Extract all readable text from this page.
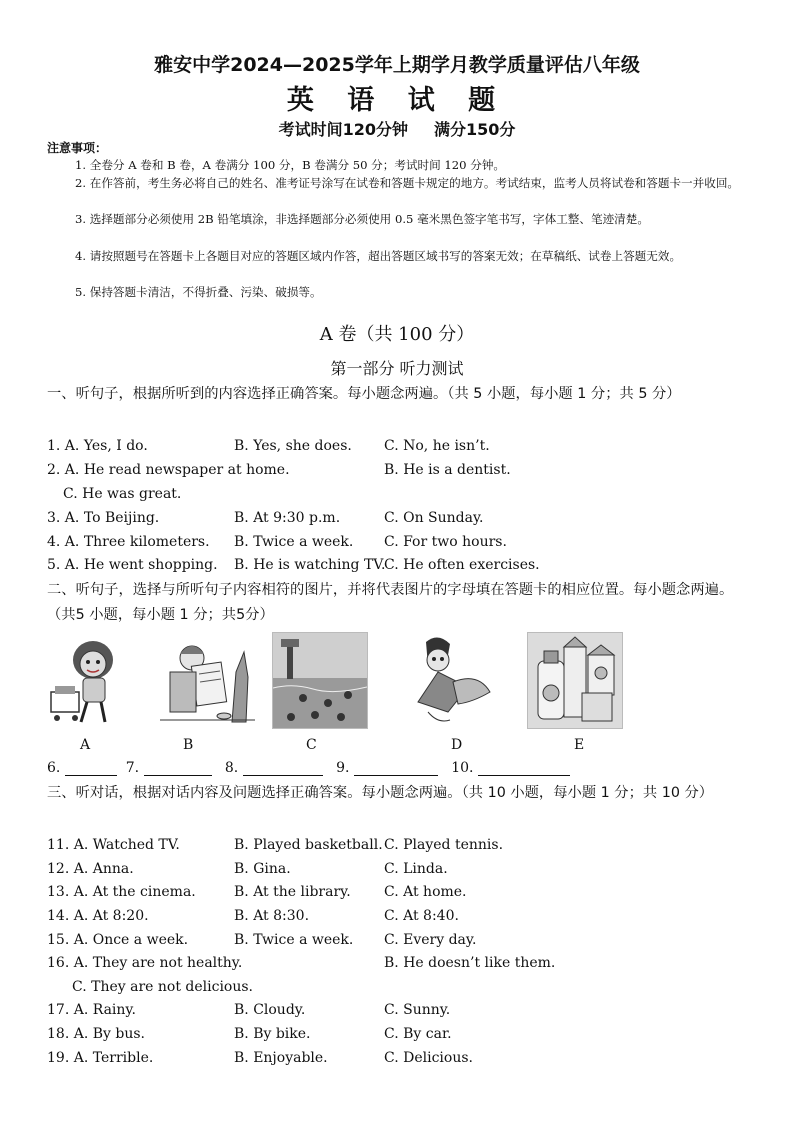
雅安中学2024—2025学年上期学月教学质量评估八年级
英 语 试 题
考试时间120分钟 满分150分
注意事项：
1. 全卷分 A 卷和 B 卷，A 卷满分 100 分，B 卷满分 50 分；考试时间 120 分钟。
2. 在作答前，考生务必将自己的姓名、准考证号涂写在试卷和答题卡规定的地方。考试结束，监考人员将试卷和答题卡一并收回。
3. 选择题部分必须使用 2B 铅笔填涂，非选择题部分必须使用 0.5 毫米黑色签字笔书写，字体工整、笔迹清楚。
4. 请按照题号在答题卡上各题目对应的答题区域内作答，超出答题区域书写的答案无效；在草稿纸、试卷上答题无效。
5. 保持答题卡清洁，不得折叠、污染、破损等。
A 卷（共 100 分）
第一部分 听力测试
一、听句子，根据所听到的内容选择正确答案。每小题念两遍。（共 5 小题，每小题 1 分；共 5 分）
1. A. Yes, I do.	B. Yes, she does. C. No, he isn’t.
2. A. He read newspaper at home.	B. He is a dentist.
C. He was great.
3. A. To Beijing.	B. At 9:30 p.m.	C. On Sunday.
4. A. Three kilometers. B. Twice a week. C. For two hours.
5. A. He went shopping. B. He is watching TV.
C. He often exercises.
二、听句子，选择与所听句子内容相符的图片，并将代表图片的字母填在答题卡的相应位置。每小题念两遍。（共5 小题，每小题 1 分；共5分）
A	B	C	D	E
6.	7.	8.	9.	10.
三、听对话，根据对话内容及问题选择正确答案。每小题念两遍。（共 10 小题，每小题 1 分；共 10 分）
11. A. Watched TV.	B. Played basketball. C. Played tennis.
12. A. Anna.	B. Gina.	C. Linda.
13. A. At the cinema.	B. At the library. C. At home.
14. A. At 8:20.	B. At 8:30.	C. At 8:40.
15. A. Once a week.	B. Twice a week. C. Every day.
16. A. They are not healthy.	B. He doesn’t like them.
C. They are not delicious.
17. A. Rainy.	B. Cloudy.	C. Sunny.
18. A. By bus.	B. By bike.	C. By car.
19. A. Terrible.	B. Enjoyable.	C. Delicious.
